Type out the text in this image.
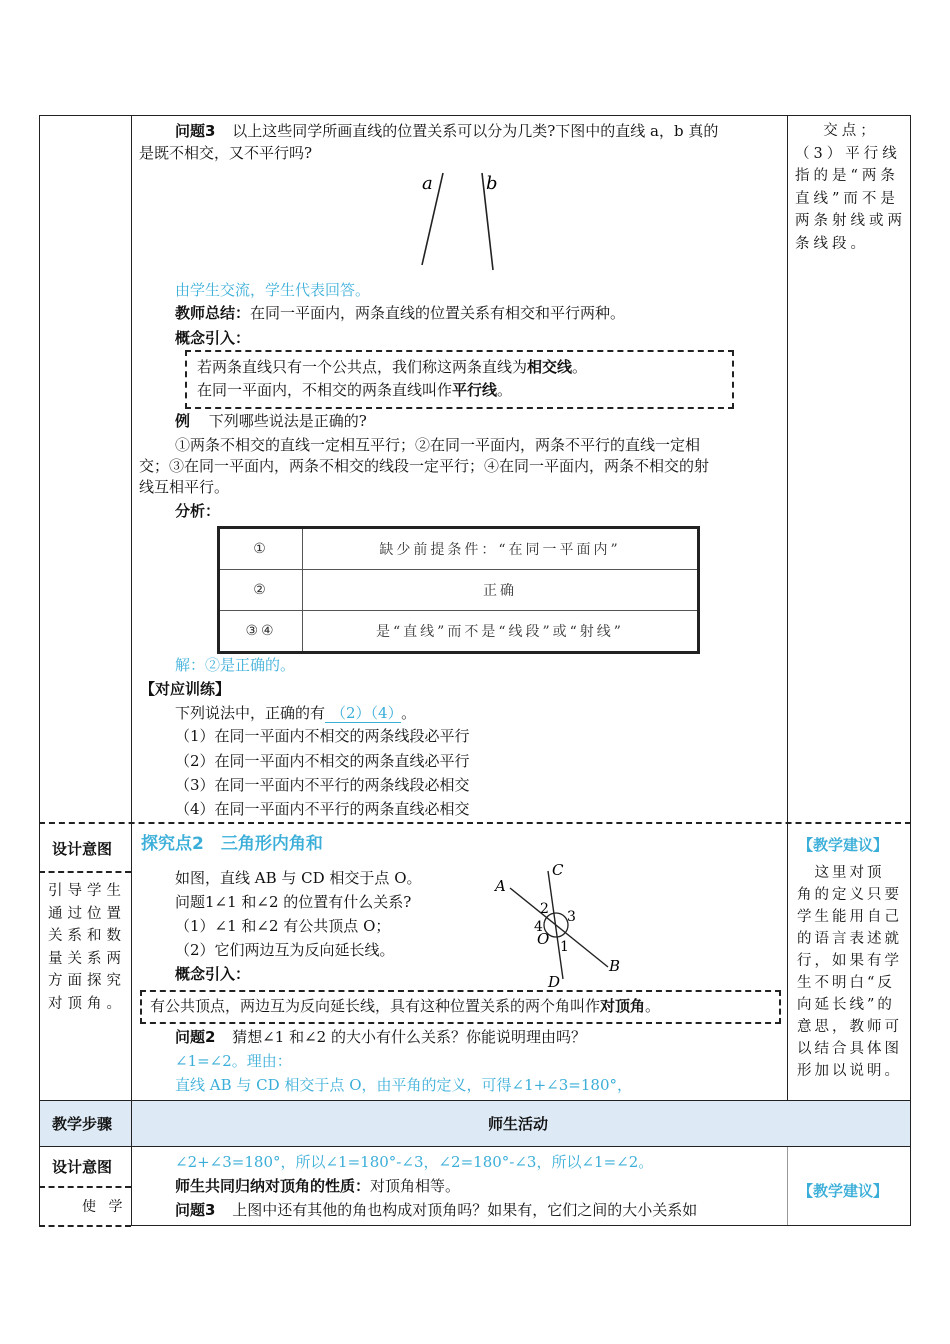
问题3 以上这些同学所画直线的位置关系可以分为几类?下图中的直线 a，b 真的
是既不相交，又不平行吗?
a	b
由学生交流，学生代表回答。
教师总结：在同一平面内，两条直线的位置关系有相交和平行两种。
概念引入：
若两条直线只有一个公共点，我们称这两条直线为相交线。
在同一平面内，不相交的两条直线叫作平行线。
例 下列哪些说法是正确的?
①两条不相交的直线一定相互平行；②在同一平面内，两条不平行的直线一定相
交；③在同一平面内，两条不相交的线段一定平行；④在同一平面内，两条不相交的射
线互相平行。
分析：
①	缺少前提条件：“在同一平面内”
②	正确
③④	是“直线”而不是“线段”或“射线”
解：②是正确的。
【对应训练】
下列说法中，正确的有 （2）（4） 。
（1）在同一平面内不相交的两条线段必平行
（2）在同一平面内不相交的两条直线必平行
（3）在同一平面内不平行的两条线段必相交
（4）在同一平面内不平行的两条直线必相交
交点；
（3）平行线
指的是“两条
直线”而不是
两条射线或两
条线段。
设计意图
引导学生
通过位置
关系和数
量关系两
方面探究
对顶角。
探究点2　三角形内角和
如图，直线 AB 与 CD 相交于点 O。
问题1∠1 和∠2 的位置有什么关系?
（1）∠1 和∠2 有公共顶点 O；
（2）它们两边互为反向延长线。
概念引入：
A
B
C
D
O 1
2 3
4
有公共顶点，两边互为反向延长线，具有这种位置关系的两个角叫作对顶角。
问题2 猜想∠1 和∠2 的大小有什么关系？你能说明理由吗？
∠1=∠2。理由：
直线 AB 与 CD 相交于点 O，由平角的定义，可得∠1+∠3=180°，
【教学建议】
　这里对顶
角的定义只要
学生能用自己
的语言表述就
行，如果有学
生不明白“反
向延长线”的
意思，教师可
以结合具体图
形加以说明。
教学步骤	师生活动
设计意图
使 学
∠2+∠3=180°，所以∠1=180°-∠3，∠2=180°-∠3，所以∠1=∠2。
师生共同归纳对顶角的性质：对顶角相等。
问题3 上图中还有其他的角也构成对顶角吗？如果有，它们之间的大小关系如
【教学建议】
